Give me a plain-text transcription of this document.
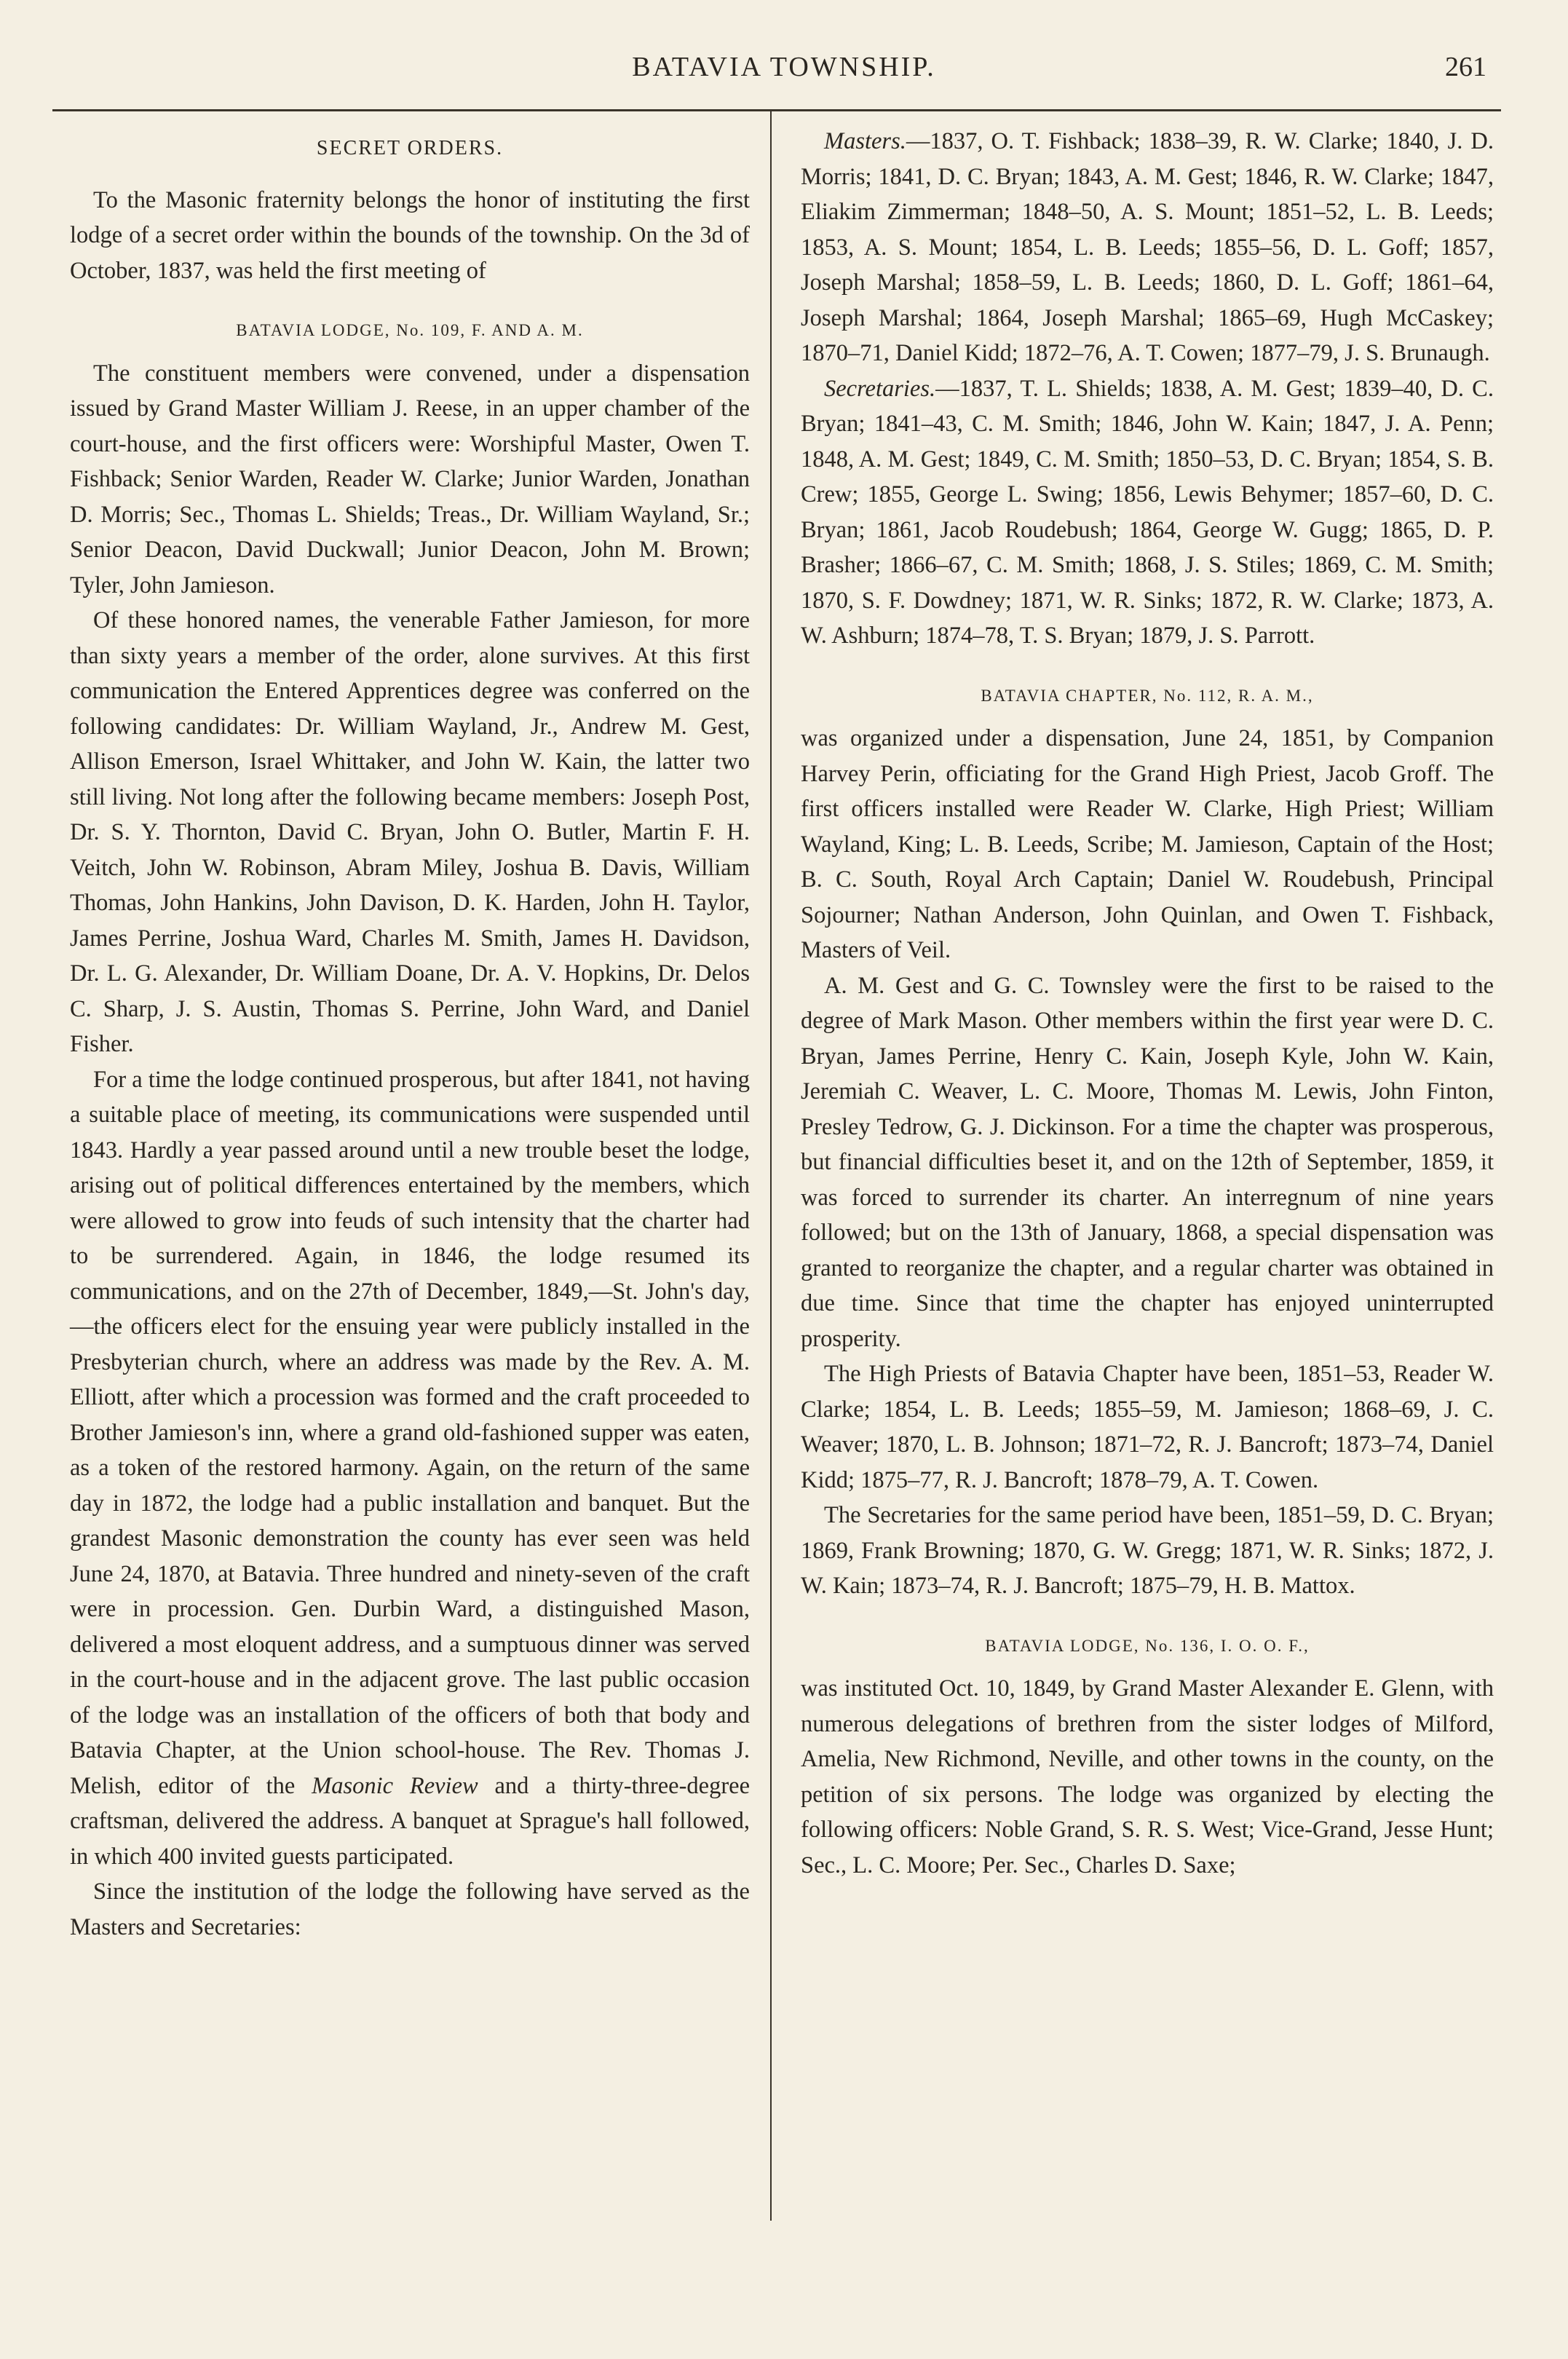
BATAVIA TOWNSHIP.	261
SECRET ORDERS.

To the Masonic fraternity belongs the honor of instituting the first lodge of a secret order within the bounds of the township. On the 3d of October, 1837, was held the first meeting of

BATAVIA LODGE, No. 109, F. AND A. M.

The constituent members were convened, under a dispensation issued by Grand Master William J. Reese, in an upper chamber of the court-house, and the first officers were: Worshipful Master, Owen T. Fishback; Senior Warden, Reader W. Clarke; Junior Warden, Jonathan D. Morris; Sec., Thomas L. Shields; Treas., Dr. William Wayland, Sr.; Senior Deacon, David Duckwall; Junior Deacon, John M. Brown; Tyler, John Jamieson.

Of these honored names, the venerable Father Jamieson, for more than sixty years a member of the order, alone survives. At this first communication the Entered Apprentices degree was conferred on the following candidates: Dr. William Wayland, Jr., Andrew M. Gest, Allison Emerson, Israel Whittaker, and John W. Kain, the latter two still living. Not long after the following became members: Joseph Post, Dr. S. Y. Thornton, David C. Bryan, John O. Butler, Martin F. H. Veitch, John W. Robinson, Abram Miley, Joshua B. Davis, William Thomas, John Hankins, John Davison, D. K. Harden, John H. Taylor, James Perrine, Joshua Ward, Charles M. Smith, James H. Davidson, Dr. L. G. Alexander, Dr. William Doane, Dr. A. V. Hopkins, Dr. Delos C. Sharp, J. S. Austin, Thomas S. Perrine, John Ward, and Daniel Fisher.

For a time the lodge continued prosperous, but after 1841, not having a suitable place of meeting, its communications were suspended until 1843. Hardly a year passed around until a new trouble beset the lodge, arising out of political differences entertained by the members, which were allowed to grow into feuds of such intensity that the charter had to be surrendered. Again, in 1846, the lodge resumed its communications, and on the 27th of December, 1849,—St. John's day,—the officers elect for the ensuing year were publicly installed in the Presbyterian church, where an address was made by the Rev. A. M. Elliott, after which a procession was formed and the craft proceeded to Brother Jamieson's inn, where a grand old-fashioned supper was eaten, as a token of the restored harmony. Again, on the return of the same day in 1872, the lodge had a public installation and banquet. But the grandest Masonic demonstration the county has ever seen was held June 24, 1870, at Batavia. Three hundred and ninety-seven of the craft were in procession. Gen. Durbin Ward, a distinguished Mason, delivered a most eloquent address, and a sumptuous dinner was served in the court-house and in the adjacent grove. The last public occasion of the lodge was an installation of the officers of both that body and Batavia Chapter, at the Union school-house. The Rev. Thomas J. Melish, editor of the Masonic Review and a thirty-three-degree craftsman, delivered the address. A banquet at Sprague's hall followed, in which 400 invited guests participated.

Since the institution of the lodge the following have served as the Masters and Secretaries:

Masters.—1837, O. T. Fishback; 1838–39, R. W. Clarke; 1840, J. D. Morris; 1841, D. C. Bryan; 1843, A. M. Gest; 1846, R. W. Clarke; 1847, Eliakim Zimmerman; 1848–50, A. S. Mount; 1851–52, L. B. Leeds; 1853, A. S. Mount; 1854, L. B. Leeds; 1855–56, D. L. Goff; 1857, Joseph Marshal; 1858–59, L. B. Leeds; 1860, D. L. Goff; 1861–64, Joseph Marshal; 1864, Joseph Marshal; 1865–69, Hugh McCaskey; 1870–71, Daniel Kidd; 1872–76, A. T. Cowen; 1877–79, J. S. Brunaugh.

Secretaries.—1837, T. L. Shields; 1838, A. M. Gest; 1839–40, D. C. Bryan; 1841–43, C. M. Smith; 1846, John W. Kain; 1847, J. A. Penn; 1848, A. M. Gest; 1849, C. M. Smith; 1850–53, D. C. Bryan; 1854, S. B. Crew; 1855, George L. Swing; 1856, Lewis Behymer; 1857–60, D. C. Bryan; 1861, Jacob Roudebush; 1864, George W. Gugg; 1865, D. P. Brasher; 1866–67, C. M. Smith; 1868, J. S. Stiles; 1869, C. M. Smith; 1870, S. F. Dowdney; 1871, W. R. Sinks; 1872, R. W. Clarke; 1873, A. W. Ashburn; 1874–78, T. S. Bryan; 1879, J. S. Parrott.

BATAVIA CHAPTER, No. 112, R. A. M.,

was organized under a dispensation, June 24, 1851, by Companion Harvey Perin, officiating for the Grand High Priest, Jacob Groff. The first officers installed were Reader W. Clarke, High Priest; William Wayland, King; L. B. Leeds, Scribe; M. Jamieson, Captain of the Host; B. C. South, Royal Arch Captain; Daniel W. Roudebush, Principal Sojourner; Nathan Anderson, John Quinlan, and Owen T. Fishback, Masters of Veil.

A. M. Gest and G. C. Townsley were the first to be raised to the degree of Mark Mason. Other members within the first year were D. C. Bryan, James Perrine, Henry C. Kain, Joseph Kyle, John W. Kain, Jeremiah C. Weaver, L. C. Moore, Thomas M. Lewis, John Finton, Presley Tedrow, G. J. Dickinson. For a time the chapter was prosperous, but financial difficulties beset it, and on the 12th of September, 1859, it was forced to surrender its charter. An interregnum of nine years followed; but on the 13th of January, 1868, a special dispensation was granted to reorganize the chapter, and a regular charter was obtained in due time. Since that time the chapter has enjoyed uninterrupted prosperity.

The High Priests of Batavia Chapter have been, 1851–53, Reader W. Clarke; 1854, L. B. Leeds; 1855–59, M. Jamieson; 1868–69, J. C. Weaver; 1870, L. B. Johnson; 1871–72, R. J. Bancroft; 1873–74, Daniel Kidd; 1875–77, R. J. Bancroft; 1878–79, A. T. Cowen.

The Secretaries for the same period have been, 1851–59, D. C. Bryan; 1869, Frank Browning; 1870, G. W. Gregg; 1871, W. R. Sinks; 1872, J. W. Kain; 1873–74, R. J. Bancroft; 1875–79, H. B. Mattox.

BATAVIA LODGE, No. 136, I. O. O. F.,

was instituted Oct. 10, 1849, by Grand Master Alexander E. Glenn, with numerous delegations of brethren from the sister lodges of Milford, Amelia, New Richmond, Neville, and other towns in the county, on the petition of six persons. The lodge was organized by electing the following officers: Noble Grand, S. R. S. West; Vice-Grand, Jesse Hunt; Sec., L. C. Moore; Per. Sec., Charles D. Saxe;
